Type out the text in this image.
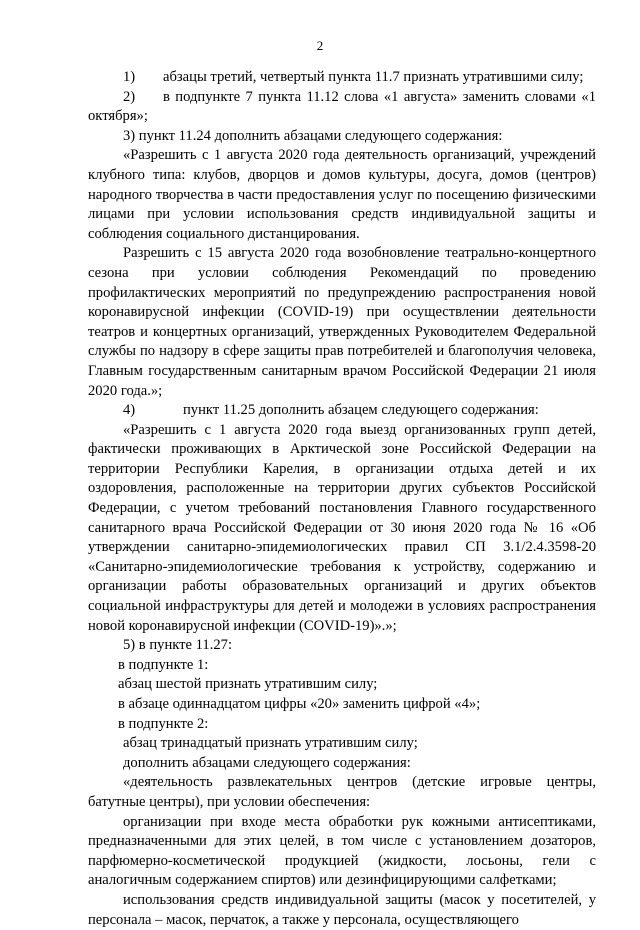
2

1) абзацы третий, четвертый пункта 11.7 признать утратившими силу;

2) в подпункте 7 пункта 11.12 слова «1 августа» заменить словами «1 октября»;

3) пункт 11.24 дополнить абзацами следующего содержания:

«Разрешить с 1 августа 2020 года деятельность организаций, учреждений клубного типа: клубов, дворцов и домов культуры, досуга, домов (центров) народного творчества в части предоставления услуг по посещению физическими лицами при условии использования средств индивидуальной защиты и соблюдения социального дистанцирования.

Разрешить с 15 августа 2020 года возобновление театрально-концертного сезона при условии соблюдения Рекомендаций по проведению профилактических мероприятий по предупреждению распространения новой коронавирусной инфекции (COVID-19) при осуществлении деятельности театров и концертных организаций, утвержденных Руководителем Федеральной службы по надзору в сфере защиты прав потребителей и благополучия человека, Главным государственным санитарным врачом Российской Федерации 21 июля 2020 года.»;

4)	пункт 11.25 дополнить абзацем следующего содержания:

«Разрешить с 1 августа 2020 года выезд организованных групп детей, фактически проживающих в Арктической зоне Российской Федерации на территории Республики Карелия, в организации отдыха детей и их оздоровления, расположенные на территории других субъектов Российской Федерации, с учетом требований постановления Главного государственного санитарного врача Российской Федерации от 30 июня 2020 года № 16 «Об утверждении санитарно-эпидемиологических правил СП 3.1/2.4.3598-20 «Санитарно-эпидемиологические требования к устройству, содержанию и организации работы образовательных организаций и других объектов социальной инфраструктуры для детей и молодежи в условиях распространения новой коронавирусной инфекции (COVID-19)».»;

5) в пункте 11.27:

в подпункте 1:

абзац шестой признать утратившим силу;

в абзаце одиннадцатом цифры «20» заменить цифрой «4»;

в подпункте 2:

абзац тринадцатый признать утратившим силу;

дополнить абзацами следующего содержания:

«деятельность развлекательных центров (детские игровые центры, батутные центры), при условии обеспечения:

организации при входе места обработки рук кожными антисептиками, предназначенными для этих целей, в том числе с установлением дозаторов, парфюмерно-косметической продукцией (жидкости, лосьоны, гели с аналогичным содержанием спиртов) или дезинфицирующими салфетками;

использования средств индивидуальной защиты (масок у посетителей, у персонала – масок, перчаток, а также у персонала, осуществляющего
